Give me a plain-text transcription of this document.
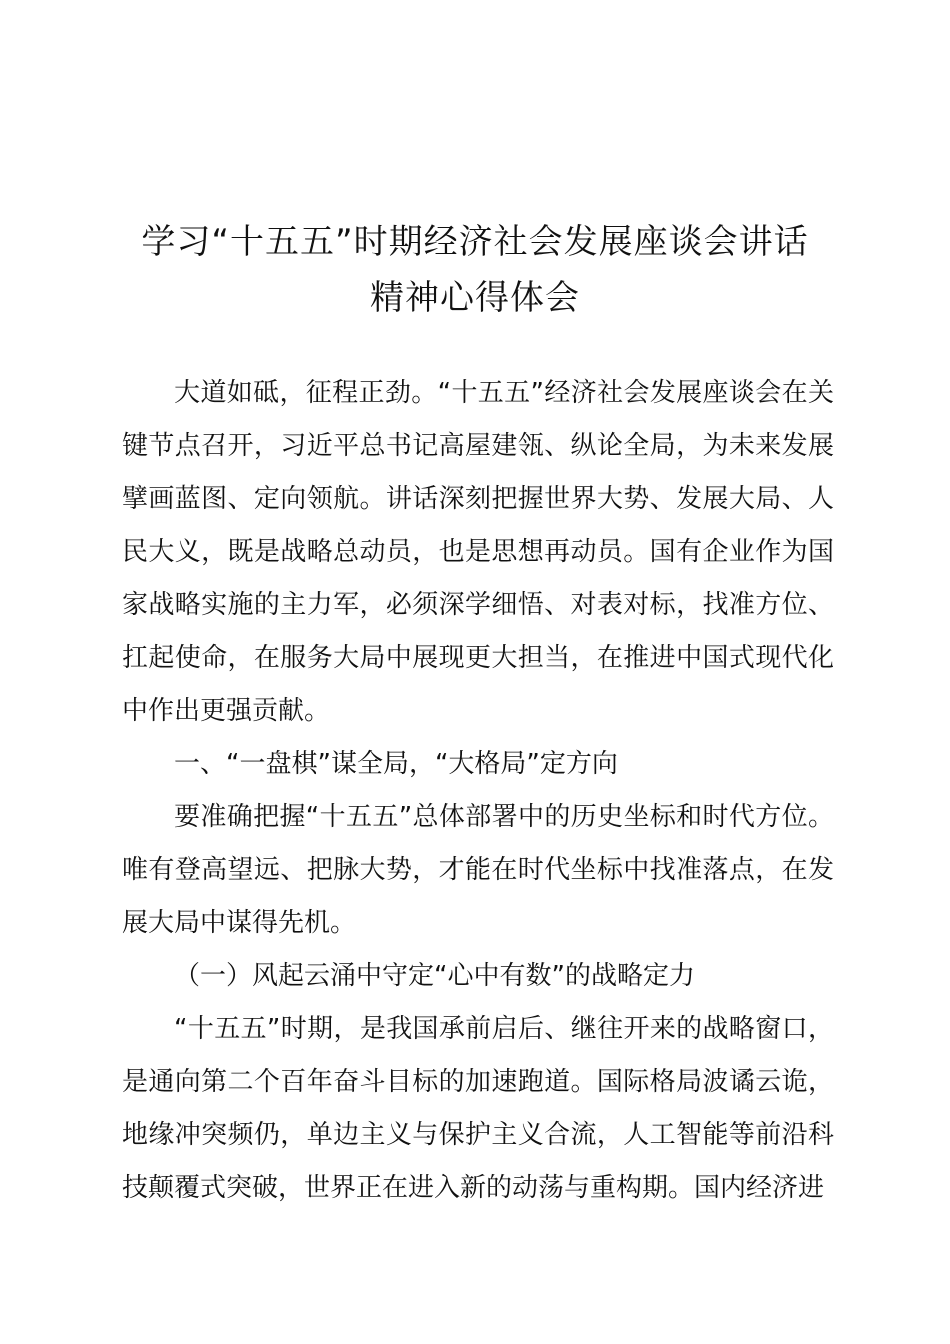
学习“十五五”时期经济社会发展座谈会讲话
精神心得体会

大道如砥，征程正劲。“十五五”经济社会发展座谈会在关键节点召开，习近平总书记高屋建瓴、纵论全局，为未来发展擘画蓝图、定向领航。讲话深刻把握世界大势、发展大局、人民大义，既是战略总动员，也是思想再动员。国有企业作为国家战略实施的主力军，必须深学细悟、对表对标，找准方位、扛起使命，在服务大局中展现更大担当，在推进中国式现代化中作出更强贡献。

一、“一盘棋”谋全局，“大格局”定方向

要准确把握“十五五”总体部署中的历史坐标和时代方位。唯有登高望远、把脉大势，才能在时代坐标中找准落点，在发展大局中谋得先机。

（一）风起云涌中守定“心中有数”的战略定力

“十五五”时期，是我国承前启后、继往开来的战略窗口，是通向第二个百年奋斗目标的加速跑道。国际格局波谲云诡，地缘冲突频仍，单边主义与保护主义合流，人工智能等前沿科技颠覆式突破，世界正在进入新的动荡与重构期。国内经济进
